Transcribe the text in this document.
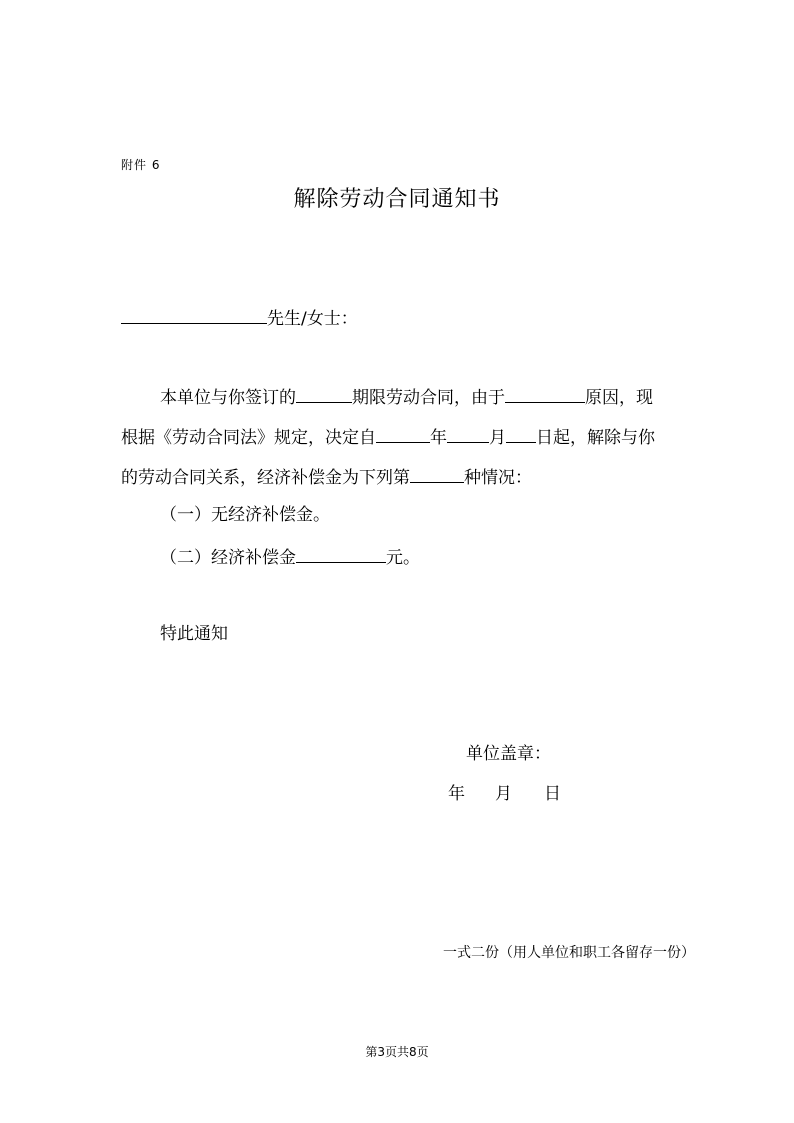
附件 6
解除劳动合同通知书
先生/女士：
本单位与你签订的	期限劳动合同，由于	原因，现
根据《劳动合同法》规定，决定自	年 月 日起，解除与你
的劳动合同关系，经济补偿金为下列第	种情况：
（一）无经济补偿金。
（二）经济补偿金	元。
特此通知
单位盖章：
年 月 日
一式二份（用人单位和职工各留存一份）
第3页共8页
